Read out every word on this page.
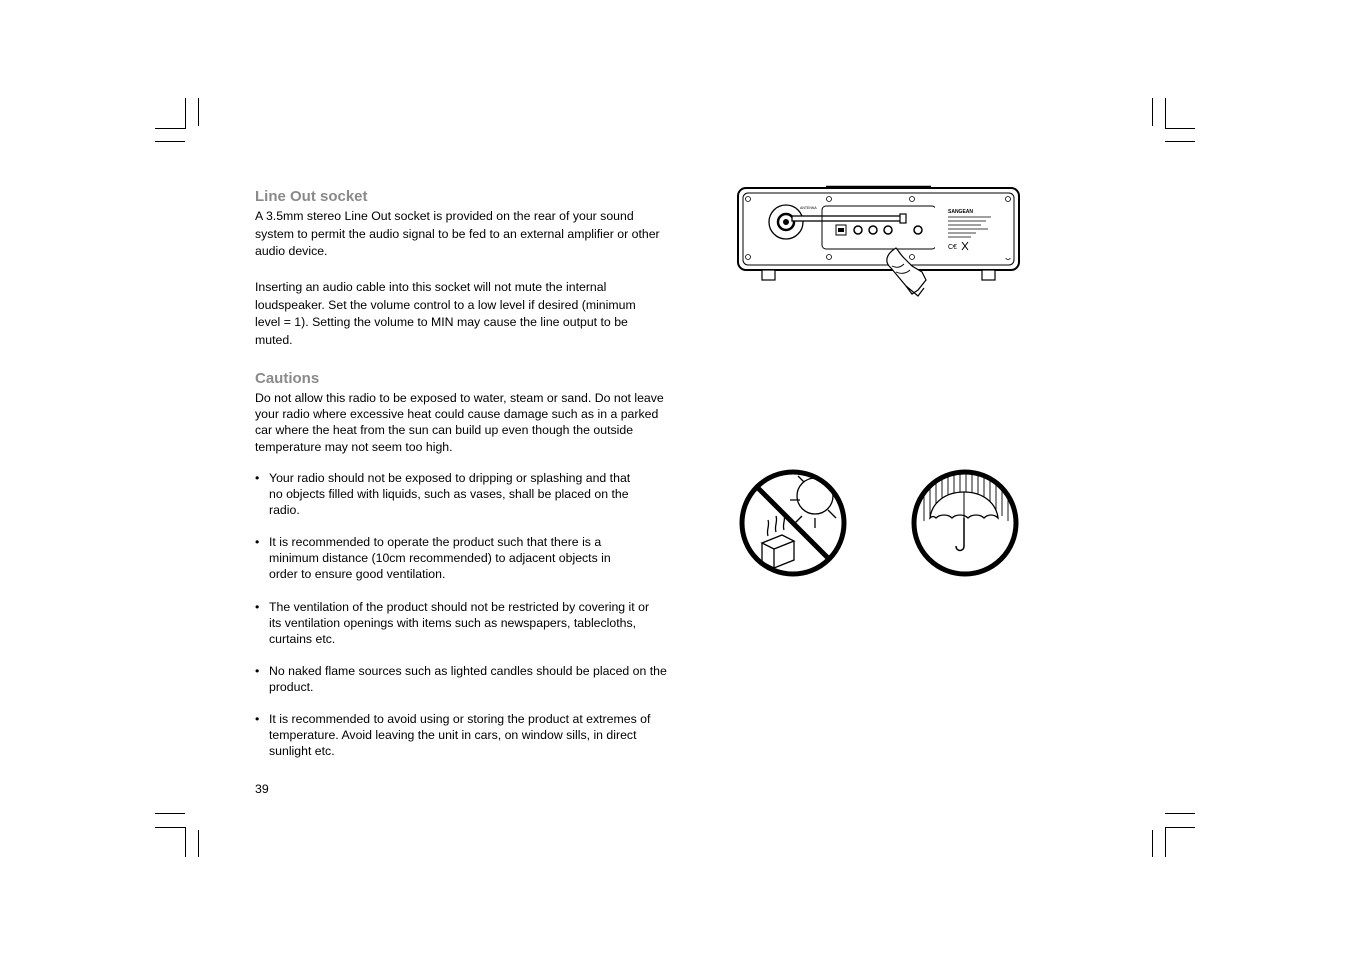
Line Out socket

A 3.5mm stereo Line Out socket is provided on the rear of your sound system to permit the audio signal to be fed to an external amplifier or other audio device.

Inserting an audio cable into this socket will not mute the internal loudspeaker. Set the volume control to a low level if desired (minimum level = 1). Setting the volume to MIN may cause the line output to be muted.

Cautions

Do not allow this radio to be exposed to water, steam or sand. Do not leave your radio where excessive heat could cause damage such as in a parked car where the heat from the sun can build up even though the outside temperature may not seem too high.

• Your radio should not be exposed to dripping or splashing and that no objects filled with liquids, such as vases, shall be placed on the radio.
• It is recommended to operate the product such that there is a minimum distance (10cm recommended) to adjacent objects in order to ensure good ventilation.
• The ventilation of the product should not be restricted by covering it or its ventilation openings with items such as newspapers, tablecloths, curtains etc.
• No naked flame sources such as lighted candles should be placed on the product.
• It is recommended to avoid using or storing the product at extremes of temperature. Avoid leaving the unit in cars, on window sills, in direct sunlight etc.
39
ANTENNA
SANGEAN
C€
